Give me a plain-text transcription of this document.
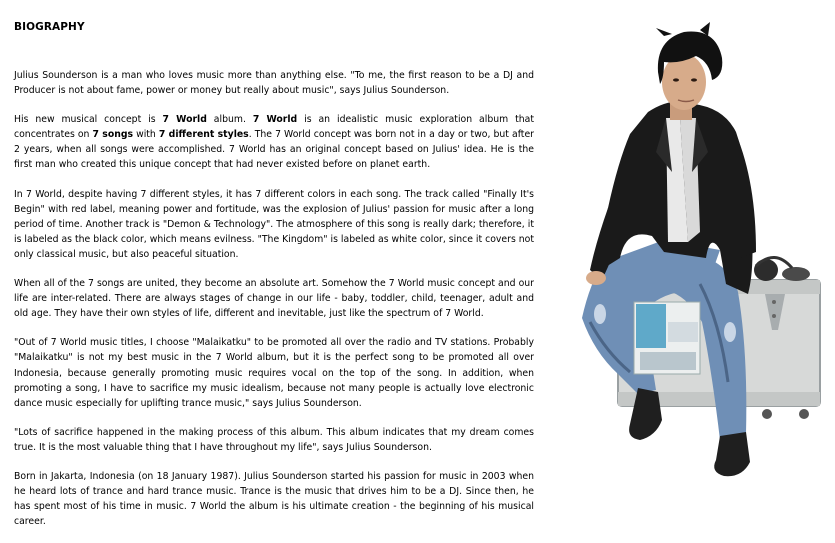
BIOGRAPHY

Julius Sounderson is a man who loves music more than anything else. "To me, the first reason to be a DJ and Producer is not about fame, power or money but really about music", says Julius Sounderson.

His new musical concept is 7 World album. 7 World is an idealistic music exploration album that concentrates on 7 songs with 7 different styles. The 7 World concept was born not in a day or two, but after 2 years, when all songs were accomplished. 7 World has an original concept based on Julius' idea. He is the first man who created this unique concept that had never existed before on planet earth.

In 7 World, despite having 7 different styles, it has 7 different colors in each song. The track called "Finally It's Begin" with red label, meaning power and fortitude, was the explosion of Julius' passion for music after a long period of time. Another track is "Demon & Technology". The atmosphere of this song is really dark; therefore, it is labeled as the black color, which means evilness. "The Kingdom" is labeled as white color, since it covers not only classical music, but also peaceful situation.

When all of the 7 songs are united, they become an absolute art. Somehow the 7 World music concept and our life are inter-related. There are always stages of change in our life - baby, toddler, child, teenager, adult and old age. They have their own styles of life, different and inevitable, just like the spectrum of 7 World.

"Out of 7 World music titles, I choose "Malaikatku" to be promoted all over the radio and TV stations. Probably "Malaikatku" is not my best music in the 7 World album, but it is the perfect song to be promoted all over Indonesia, because generally promoting music requires vocal on the top of the song. In addition, when promoting a song, I have to sacrifice my music idealism, because not many people is actually love electronic dance music especially for uplifting trance music," says Julius Sounderson.

"Lots of sacrifice happened in the making process of this album. This album indicates that my dream comes true. It is the most valuable thing that I have throughout my life", says Julius Sounderson.

Born in Jakarta, Indonesia (on 18 January 1987). Julius Sounderson started his passion for music in 2003 when he heard lots of trance and hard trance music. Trance is the music that drives him to be a DJ. Since then, he has spent most of his time in music. 7 World the album is his ultimate creation - the beginning of his musical career.
